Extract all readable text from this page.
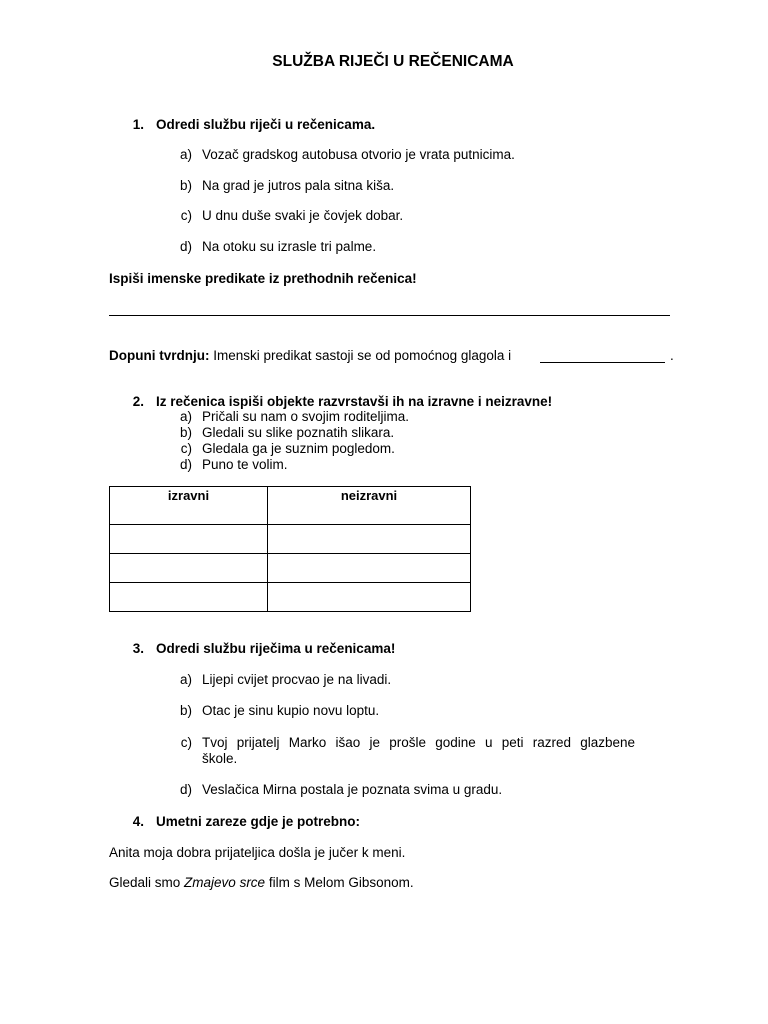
SLUŽBA RIJEČI U REČENICAMA
1. Odredi službu riječi u rečenicama.
a) Vozač gradskog autobusa otvorio je vrata putnicima.
b) Na grad je jutros pala sitna kiša.
c) U dnu duše svaki je čovjek dobar.
d) Na otoku su izrasle tri palme.
Ispiši imenske predikate iz prethodnih rečenica!
Dopuni tvrdnju: Imenski predikat sastoji se od pomoćnog glagola i	.
2. Iz rečenica ispiši objekte razvrstavši ih na izravne i neizravne!
a) Pričali su nam o svojim roditeljima.
b) Gledali su slike poznatih slikara.
c) Gledala ga je suznim pogledom.
d) Puno te volim.
izravni	neizravni

3. Odredi službu riječima u rečenicama!
a) Lijepi cvijet procvao je na livadi.
b) Otac je sinu kupio novu loptu.
c) Tvoj prijatelj Marko išao je prošle godine u peti razred glazbene
škole.
d) Veslačica Mirna postala je poznata svima u gradu.
4. Umetni zareze gdje je potrebno:
Anita moja dobra prijateljica došla je jučer k meni.
Gledali smo Zmajevo srce film s Melom Gibsonom.
